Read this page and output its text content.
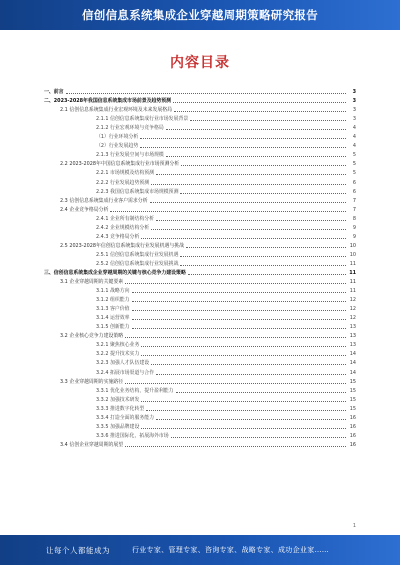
信创信息系统集成企业穿越周期策略研究报告
内容目录
一、前言	3
二、2023-2028年我国信息系统集成市场前景及趋势预测	3
2.1 信创信息系统集成行业宏观环境及未来发展格局	3
2.1.1 信创信息系统集成行业市场发展背景	3
2.1.2 行业宏观环境与竞争格局	4
（1）行业环境分析	4
（2）行业发展趋势	4
2.1.3 行业发展空间与市场规模	5
2.2 2023-2028年中国信息系统集成行业市场预测分析	5
2.2.1 市场规模及结构预测	5
2.2.2 行业发展趋势预测	6
2.2.3 我国信息系统集成市场规模预测	6
2.3 信创信息系统集成行业客户需求分析	7
2.4 企业竞争格局分析	7
2.4.1 企业所有制结构分析	8
2.4.2 企业规模结构分析	9
2.4.3 竞争格局分析	9
2.5 2023-2028年信创信息系统集成行业发展机遇与挑战	10
2.5.1 信创信息系统集成行业发展机遇	10
2.5.2 信创信息系统集成行业发展挑战	11
三、信创信息系统集成企业穿越周期的关键与核心竞争力建设策略	11
3.1 企业穿越周期的关键要素	11
3.1.1 战略方向	11
3.1.2 组织能力	12
3.1.3 客户价值	12
3.1.4 运营效率	12
3.1.5 创新能力	13
3.2 企业核心竞争力建设策略	13
3.2.1 聚焦核心业务	13
3.2.2 提升技术实力	14
3.2.3 加强人才队伍建设	14
3.2.4 拓展市场渠道与合作	14
3.3 企业穿越周期的实施路径	15
3.3.1 优化业务结构，提升盈利能力	15
3.3.2 加强技术研发	15
3.3.3 推进数字化转型	15
3.3.4 打造全面的服务能力	16
3.3.5 加强品牌建设	16
3.3.6 推进国际化，拓展海外市场	16
3.4 信创企业穿越周期的展望	16
1
让每个人都能成为	行业专家、管理专家、咨询专家、战略专家、成功企业家……
